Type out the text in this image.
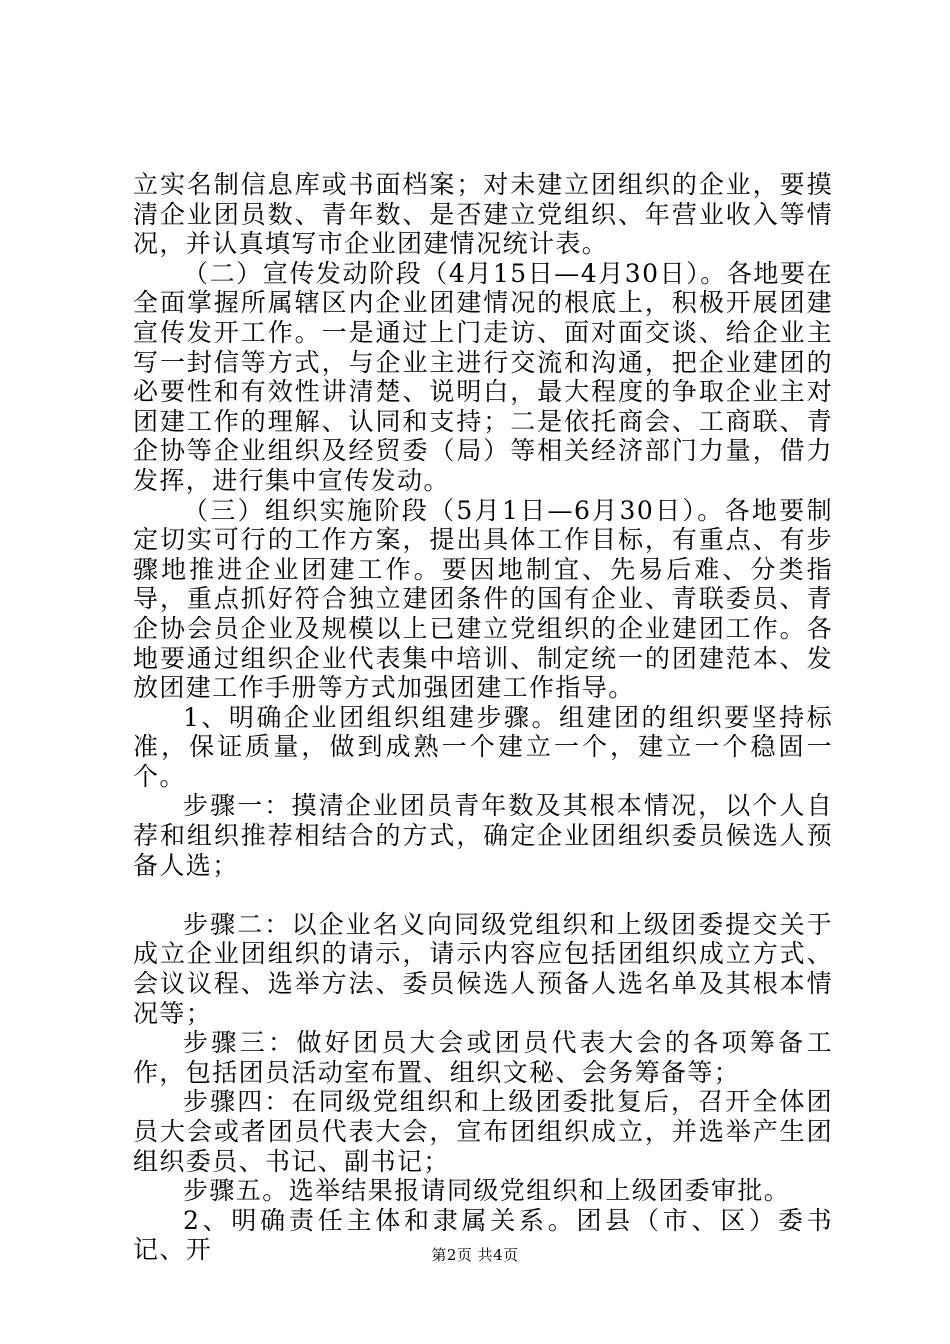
立实名制信息库或书面档案；对未建立团组织的企业，要摸清企业团员数、青年数、是否建立党组织、年营业收入等情况，并认真填写市企业团建情况统计表。

（二）宣传发动阶段（4月15日—4月30日）。各地要在全面掌握所属辖区内企业团建情况的根底上，积极开展团建宣传发开工作。一是通过上门走访、面对面交谈、给企业主写一封信等方式，与企业主进行交流和沟通，把企业建团的必要性和有效性讲清楚、说明白，最大程度的争取企业主对团建工作的理解、认同和支持；二是依托商会、工商联、青企协等企业组织及经贸委（局）等相关经济部门力量，借力发挥，进行集中宣传发动。

（三）组织实施阶段（5月1日—6月30日）。各地要制定切实可行的工作方案，提出具体工作目标，有重点、有步骤地推进企业团建工作。要因地制宜、先易后难、分类指导，重点抓好符合独立建团条件的国有企业、青联委员、青企协会员企业及规模以上已建立党组织的企业建团工作。各地要通过组织企业代表集中培训、制定统一的团建范本、发放团建工作手册等方式加强团建工作指导。

1、明确企业团组织组建步骤。组建团的组织要坚持标准，保证质量，做到成熟一个建立一个，建立一个稳固一个。

步骤一：摸清企业团员青年数及其根本情况，以个人自荐和组织推荐相结合的方式，确定企业团组织委员候选人预备人选；

步骤二：以企业名义向同级党组织和上级团委提交关于成立企业团组织的请示，请示内容应包括团组织成立方式、会议议程、选举方法、委员候选人预备人选名单及其根本情况等；

步骤三：做好团员大会或团员代表大会的各项筹备工作，包括团员活动室布置、组织文秘、会务筹备等；

步骤四：在同级党组织和上级团委批复后，召开全体团员大会或者团员代表大会，宣布团组织成立，并选举产生团组织委员、书记、副书记；

步骤五。选举结果报请同级党组织和上级团委审批。

2、明确责任主体和隶属关系。团县（市、区）委书记、开	第2页 共4页
